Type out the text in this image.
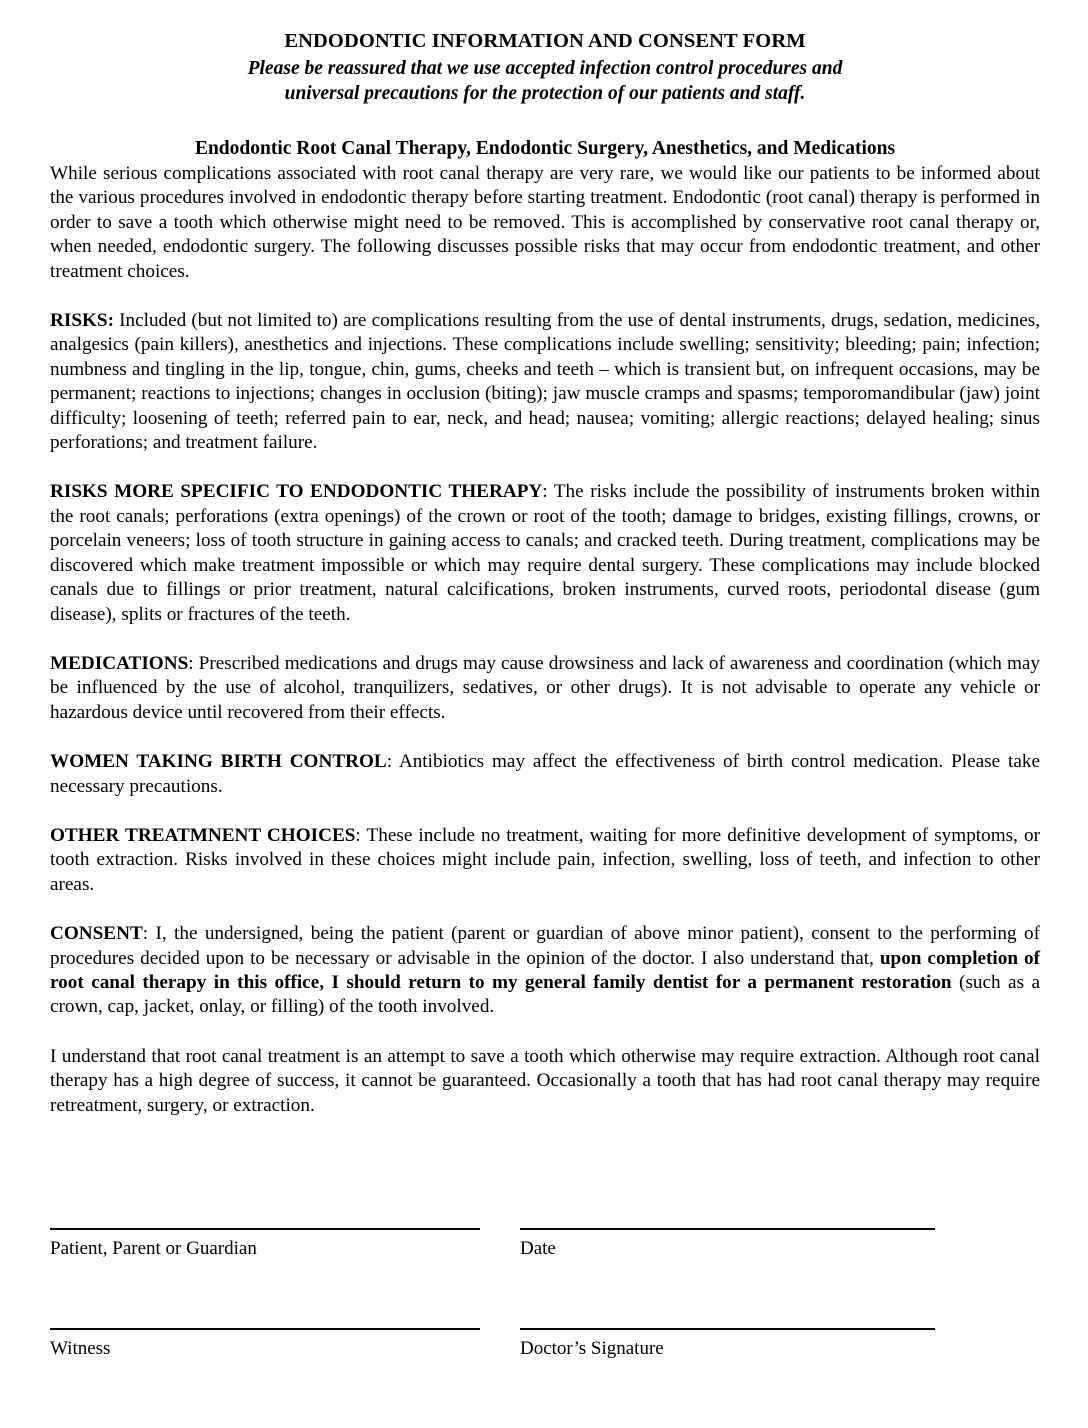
ENDODONTIC INFORMATION AND CONSENT FORM
Please be reassured that we use accepted infection control procedures and
universal precautions for the protection of our patients and staff.
Endodontic Root Canal Therapy, Endodontic Surgery, Anesthetics, and Medications

While serious complications associated with root canal therapy are very rare, we would like our patients to be informed about the various procedures involved in endodontic therapy before starting treatment. Endodontic (root canal) therapy is performed in order to save a tooth which otherwise might need to be removed. This is accomplished by conservative root canal therapy or, when needed, endodontic surgery. The following discusses possible risks that may occur from endodontic treatment, and other treatment choices.

RISKS: Included (but not limited to) are complications resulting from the use of dental instruments, drugs, sedation, medicines, analgesics (pain killers), anesthetics and injections. These complications include swelling; sensitivity; bleeding; pain; infection; numbness and tingling in the lip, tongue, chin, gums, cheeks and teeth – which is transient but, on infrequent occasions, may be permanent; reactions to injections; changes in occlusion (biting); jaw muscle cramps and spasms; temporomandibular (jaw) joint difficulty; loosening of teeth; referred pain to ear, neck, and head; nausea; vomiting; allergic reactions; delayed healing; sinus perforations; and treatment failure.

RISKS MORE SPECIFIC TO ENDODONTIC THERAPY: The risks include the possibility of instruments broken within the root canals; perforations (extra openings) of the crown or root of the tooth; damage to bridges, existing fillings, crowns, or porcelain veneers; loss of tooth structure in gaining access to canals; and cracked teeth. During treatment, complications may be discovered which make treatment impossible or which may require dental surgery. These complications may include blocked canals due to fillings or prior treatment, natural calcifications, broken instruments, curved roots, periodontal disease (gum disease), splits or fractures of the teeth.

MEDICATIONS: Prescribed medications and drugs may cause drowsiness and lack of awareness and coordination (which may be influenced by the use of alcohol, tranquilizers, sedatives, or other drugs). It is not advisable to operate any vehicle or hazardous device until recovered from their effects.

WOMEN TAKING BIRTH CONTROL: Antibiotics may affect the effectiveness of birth control medication. Please take necessary precautions.

OTHER TREATMNENT CHOICES: These include no treatment, waiting for more definitive development of symptoms, or tooth extraction. Risks involved in these choices might include pain, infection, swelling, loss of teeth, and infection to other areas.

CONSENT: I, the undersigned, being the patient (parent or guardian of above minor patient), consent to the performing of procedures decided upon to be necessary or advisable in the opinion of the doctor. I also understand that, upon completion of root canal therapy in this office, I should return to my general family dentist for a permanent restoration (such as a crown, cap, jacket, onlay, or filling) of the tooth involved.

I understand that root canal treatment is an attempt to save a tooth which otherwise may require extraction. Although root canal therapy has a high degree of success, it cannot be guaranteed. Occasionally a tooth that has had root canal therapy may require retreatment, surgery, or extraction.

Patient, Parent or Guardian	Date
Witness	Doctor’s Signature
